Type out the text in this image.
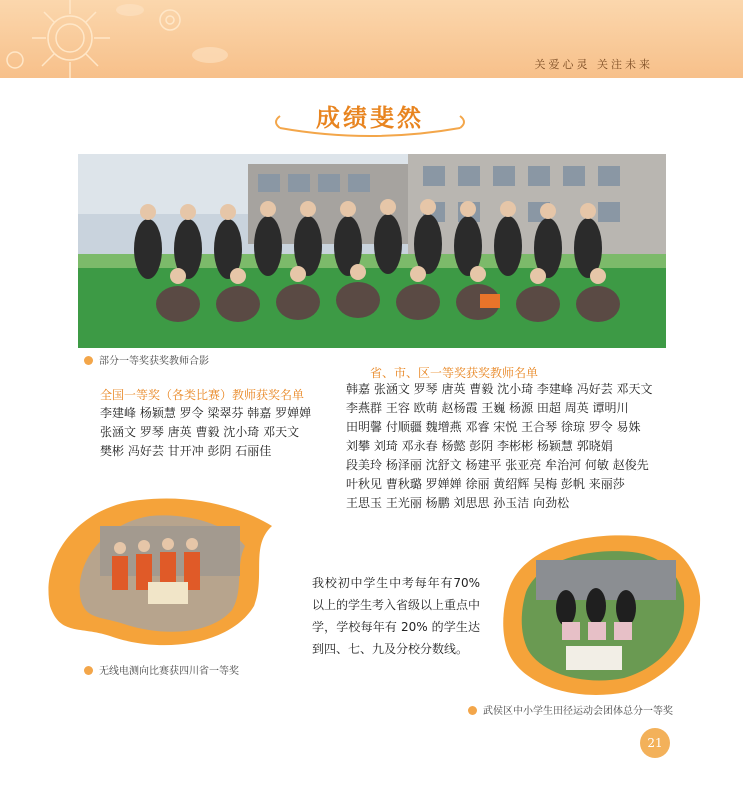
关爱心灵 关注未来
成绩斐然
部分一等奖获奖教师合影
全国一等奖（各类比赛）教师获奖名单
李建峰 杨颖慧 罗令 梁翠芬 韩嘉 罗婵婵
张涵文 罗琴 唐英 曹毅 沈小琦 邓天文
樊彬 冯好芸 甘开冲 彭阴 石丽佳
省、市、区一等奖获奖教师名单
韩嘉 张涵文 罗琴 唐英 曹毅 沈小琦 李建峰 冯好芸 邓天文
李燕群 王容 欧萌 赵杨霞 王巍 杨源 田超 周英 谭明川
田明馨 付顺疆 魏增燕 邓睿 宋悦 王合琴 徐琼 罗令 易姝
刘攀 刘琦 邓永春 杨懿 彭阴 李彬彬 杨颖慧 郭晓娟
段美玲 杨泽丽 沈舒文 杨建平 张亚亮 牟治河 何敏 赵俊先
叶秋见 曹秋璐 罗婵婵 徐丽 黄绍辉 吴梅 彭帆 来丽莎
王思玉 王光丽 杨鹏 刘思思 孙玉洁 向劲松
无线电测向比赛获四川省一等奖
我校初中学生中考每年有70%以上的学生考入省级以上重点中学，学校每年有 20% 的学生达到四、七、九及分校分数线。
武侯区中小学生田径运动会团体总分一等奖
21
